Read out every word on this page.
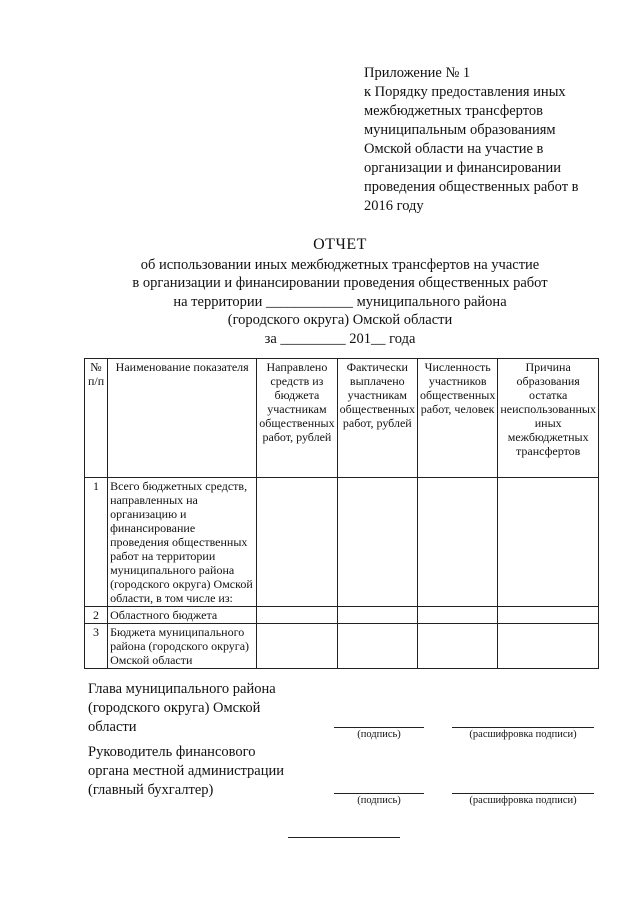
Приложение № 1
к Порядку предоставления иных
межбюджетных трансфертов
муниципальным образованиям
Омской области на участие в
организации и финансировании
проведения общественных работ в
2016 году
ОТЧЕТ
об использовании иных межбюджетных трансфертов на участие
в организации и финансировании проведения общественных работ
на территории ____________ муниципального района
(городского округа) Омской области
за _________ 201__ года
№ п/п	Наименование показателя	Направлено средств из бюджета участникам общественных работ, рублей	Фактически выплачено участникам общественных работ, рублей	Численность участников общественных работ, человек	Причина образования остатка неиспользованных иных межбюджетных трансфертов
1	Всего бюджетных средств, направленных на организацию и финансирование проведения общественных работ на территории муниципального района (городского округа) Омской области, в том числе из:				
2	Областного бюджета				
3	Бюджета муниципального района (городского округа) Омской области				
Глава муниципального района
(городского округа) Омской
области	(подпись)	(расшифровка подписи)
Руководитель финансового
органа местной администрации
(главный бухгалтер)
(подпись)	(расшифровка подписи)
